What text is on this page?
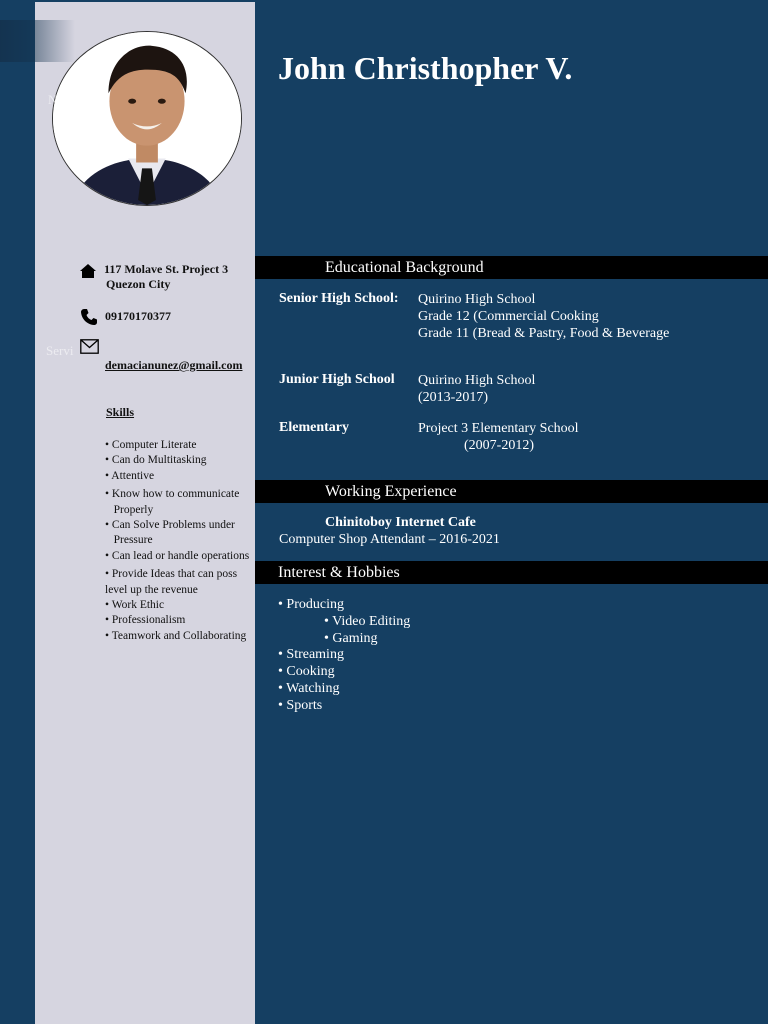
N
Servi
John Christhopher V.
117 Molave St. Project 3
Quezon City
09170170377
demacianunez@gmail.com
Skills
• Computer Literate
• Can do Multitasking
• Attentive
• Know how to communicate
Properly
• Can Solve Problems under
Pressure
• Can lead or handle operations
• Provide Ideas that can poss
level up the revenue
• Work Ethic
• Professionalism
• Teamwork and Collaborating
Educational Background
Senior High School: Quirino High School
Grade 12 (Commercial Cooking
Grade 11 (Bread & Pastry, Food & Beverage
Junior High School Quirino High School
(2013-2017)
Elementary	Project 3 Elementary School
(2007-2012)
Working Experience
Chinitoboy Internet Cafe
Computer Shop Attendant – 2016-2021
Interest & Hobbies
• Producing
• Video Editing
• Gaming
• Streaming
• Cooking
• Watching
• Sports
